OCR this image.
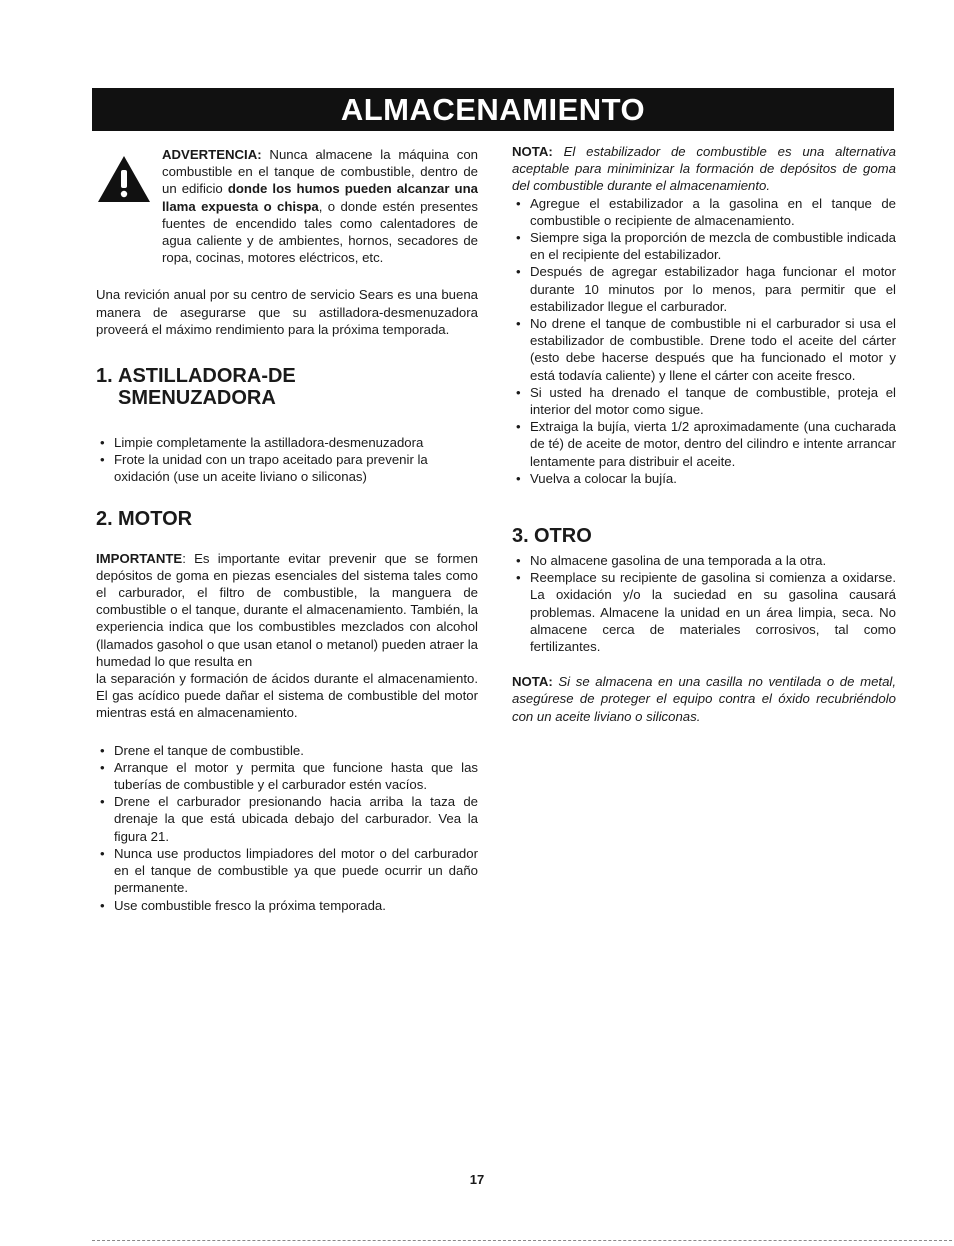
ALMACENAMIENTO

ADVERTENCIA: Nunca almacene la máquina con combustible en el tanque de combustible, dentro de un edificio donde los humos pueden alcanzar una llama expuesta o chispa, o donde estén presentes fuentes de encendido tales como calentadores de agua caliente y de ambientes, hornos, secadores de ropa, cocinas, motores eléctricos, etc.

Una revición anual por su centro de servicio Sears es una buena manera de asegurarse que su astilladora-desmenuzadora proveerá el máximo rendimiento para la próxima temporada.

1. ASTILLADORA-DE
SMENUZADORA
• Limpie completamente la astilladora-desmenuzadora
• Frote la unidad con un trapo aceitado para prevenir la oxidación (use un aceite liviano o siliconas)
2. MOTOR

IMPORTANTE: Es importante evitar prevenir que se formen depósitos de goma en piezas esenciales del sistema tales como el carburador, el filtro de combustible, la manguera de combustible o el tanque, durante el almacenamiento. También, la experiencia indica que los combustibles mezclados con alcohol (llamados gasohol o que usan etanol o metanol) pueden atraer la humedad lo que resulta en

la separación y formación de ácidos durante el almacenamiento. El gas acídico puede dañar el sistema de combustible del motor mientras está en almacenamiento.

• Drene el tanque de combustible.
• Arranque el motor y permita que funcione hasta que las tuberías de combustible y el carburador estén vacíos.
• Drene el carburador presionando hacia arriba la taza de drenaje la que está ubicada debajo del carburador. Vea la figura 21.
• Nunca use productos limpiadores del motor o del carburador en el tanque de combustible ya que puede ocurrir un daño permanente.
• Use combustible fresco la próxima temporada.

NOTA: El estabilizador de combustible es una alternativa aceptable para miniminizar la formación de depósitos de goma del combustible durante el almacenamiento.

• Agregue el estabilizador a la gasolina en el tanque de combustible o recipiente de almacenamiento.
• Siempre siga la proporción de mezcla de combustible indicada en el recipiente del estabilizador.
• Después de agregar estabilizador haga funcionar el motor durante 10 minutos por lo menos, para permitir que el estabilizador llegue el carburador.
• No drene el tanque de combustible ni el carburador si usa el estabilizador de combustible. Drene todo el aceite del cárter (esto debe hacerse después que ha funcionado el motor y está todavía caliente) y llene el cárter con aceite fresco.
• Si usted ha drenado el tanque de combustible, proteja el interior del motor como sigue.
• Extraiga la bujía, vierta 1/2 aproximadamente (una cucharada de té) de aceite de motor, dentro del cilindro e intente arrancar lentamente para distribuir el aceite.
• Vuelva a colocar la bujía.
3. OTRO
• No almacene gasolina de una temporada a la otra.
• Reemplace su recipiente de gasolina si comienza a oxidarse. La oxidación y/o la suciedad en su gasolina causará problemas. Almacene la unidad en un área limpia, seca. No almacene cerca de materiales corrosivos, tal como fertilizantes.

NOTA: Si se almacena en una casilla no ventilada o de metal, asegúrese de proteger el equipo contra el óxido recubriéndolo con un aceite liviano o siliconas.

17
